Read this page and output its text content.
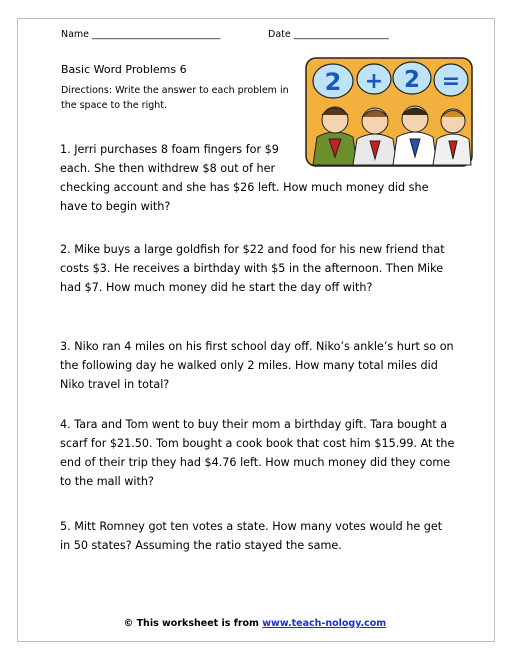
Name ___________________________	Date ____________________
Basic Word Problems 6
Directions: Write the answer to each problem in the space to the right.
2 + 2 =
1. Jerri purchases 8 foam fingers for $9 each. She then withdrew $8 out of her
checking account and she has $26 left. How much money did she have to begin with?
2. Mike buys a large goldfish for $22 and food for his new friend that costs $3. He receives a birthday with $5 in the afternoon. Then Mike had $7. How much money did he start the day off with?
3. Niko ran 4 miles on his first school day off. Niko’s ankle’s hurt so on the following day he walked only 2 miles. How many total miles did Niko travel in total?
4. Tara and Tom went to buy their mom a birthday gift. Tara bought a scarf for $21.50. Tom bought a cook book that cost him $15.99. At the end of their trip they had $4.76 left. How much money did they come to the mall with?
5. Mitt Romney got ten votes a state. How many votes would he get in 50 states? Assuming the ratio stayed the same.
© This worksheet is from www.teach-nology.com
